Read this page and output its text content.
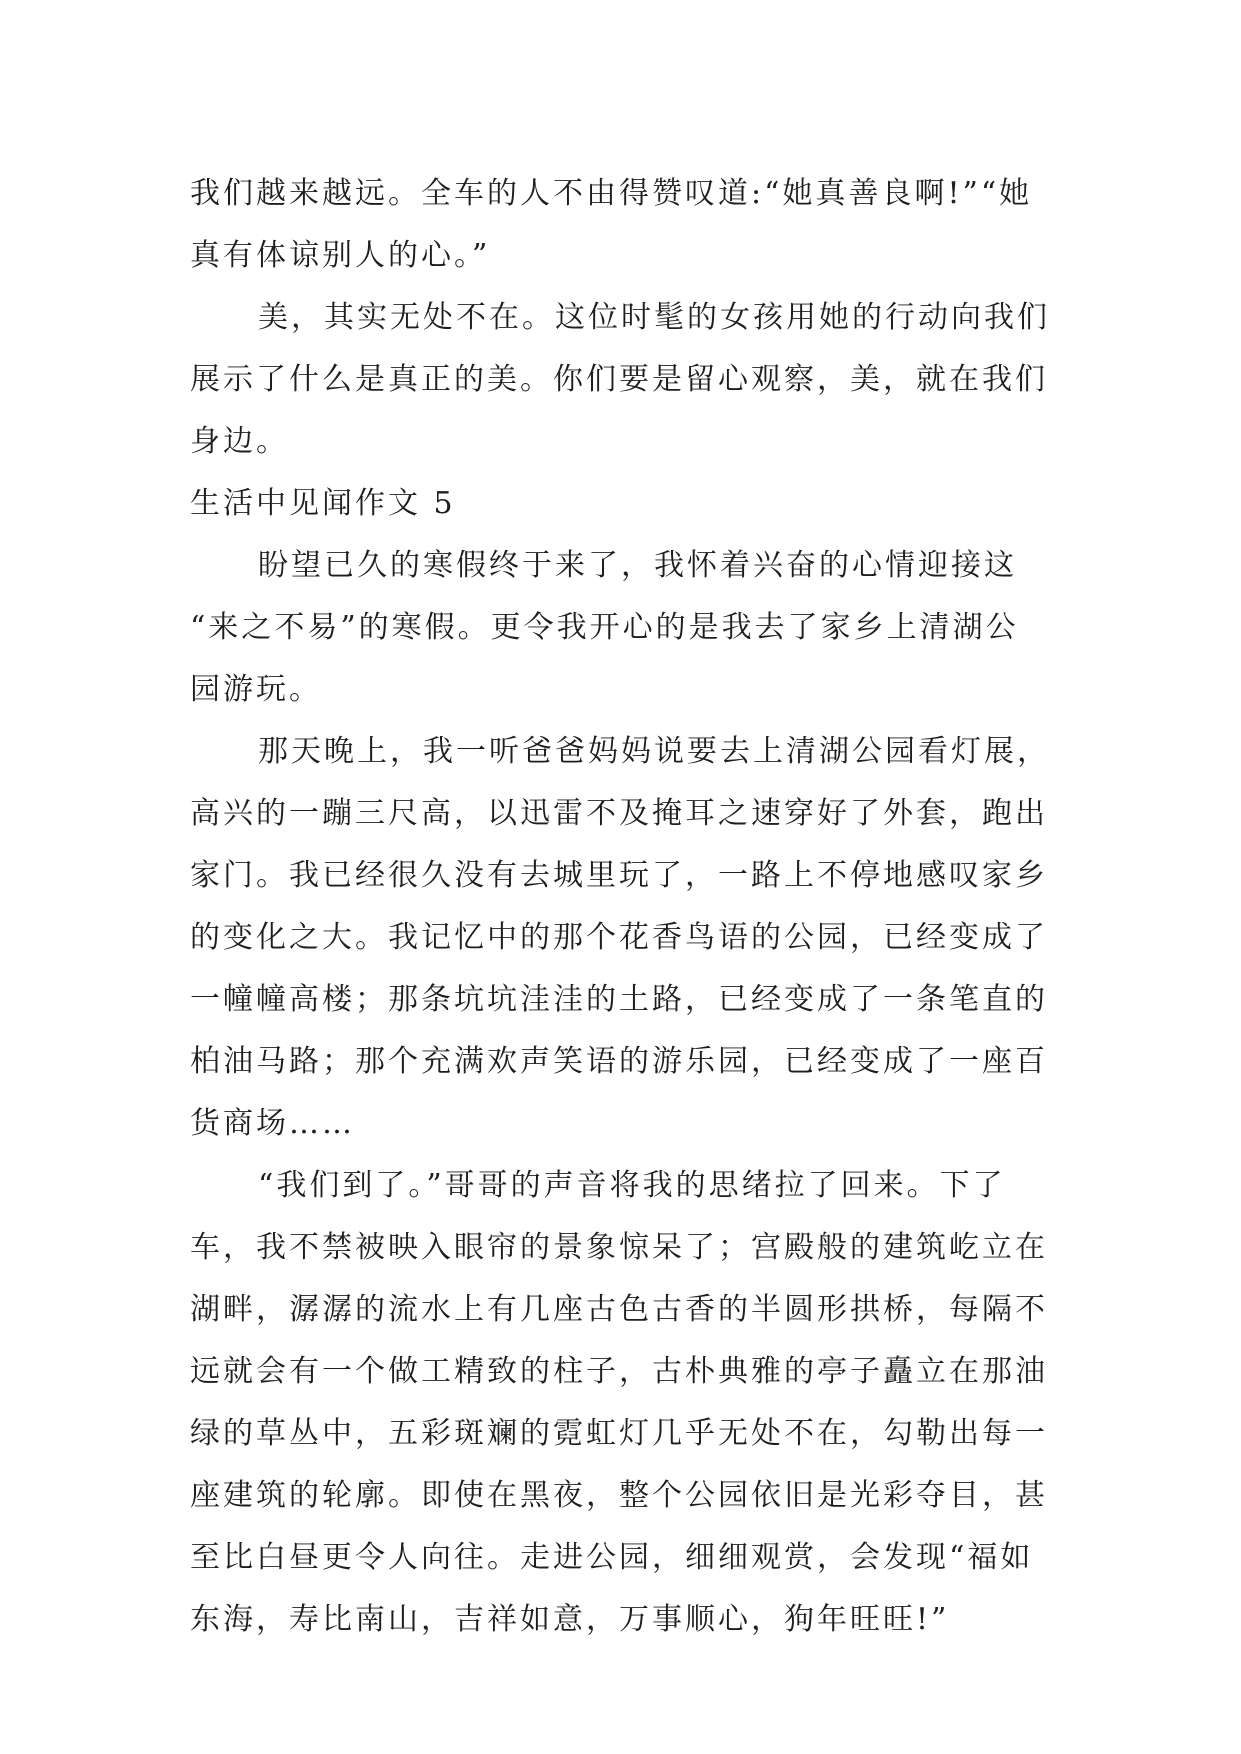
我们越来越远。全车的人不由得赞叹道:“她真善良啊!”“她
真有体谅别人的心。”
美，其实无处不在。这位时髦的女孩用她的行动向我们
展示了什么是真正的美。你们要是留心观察，美，就在我们
身边。
生活中见闻作文 5
盼望已久的寒假终于来了，我怀着兴奋的心情迎接这
“来之不易”的寒假。更令我开心的是我去了家乡上清湖公
园游玩。
那天晚上，我一听爸爸妈妈说要去上清湖公园看灯展，
高兴的一蹦三尺高，以迅雷不及掩耳之速穿好了外套，跑出
家门。我已经很久没有去城里玩了，一路上不停地感叹家乡
的变化之大。我记忆中的那个花香鸟语的公园，已经变成了
一幢幢高楼；那条坑坑洼洼的土路，已经变成了一条笔直的
柏油马路；那个充满欢声笑语的游乐园，已经变成了一座百
货商场……
“我们到了。”哥哥的声音将我的思绪拉了回来。下了
车，我不禁被映入眼帘的景象惊呆了；宫殿般的建筑屹立在
湖畔，潺潺的流水上有几座古色古香的半圆形拱桥，每隔不
远就会有一个做工精致的柱子，古朴典雅的亭子矗立在那油
绿的草丛中，五彩斑斓的霓虹灯几乎无处不在，勾勒出每一
座建筑的轮廓。即使在黑夜，整个公园依旧是光彩夺目，甚
至比白昼更令人向往。走进公园，细细观赏，会发现“福如
东海，寿比南山，吉祥如意，万事顺心，狗年旺旺!”
